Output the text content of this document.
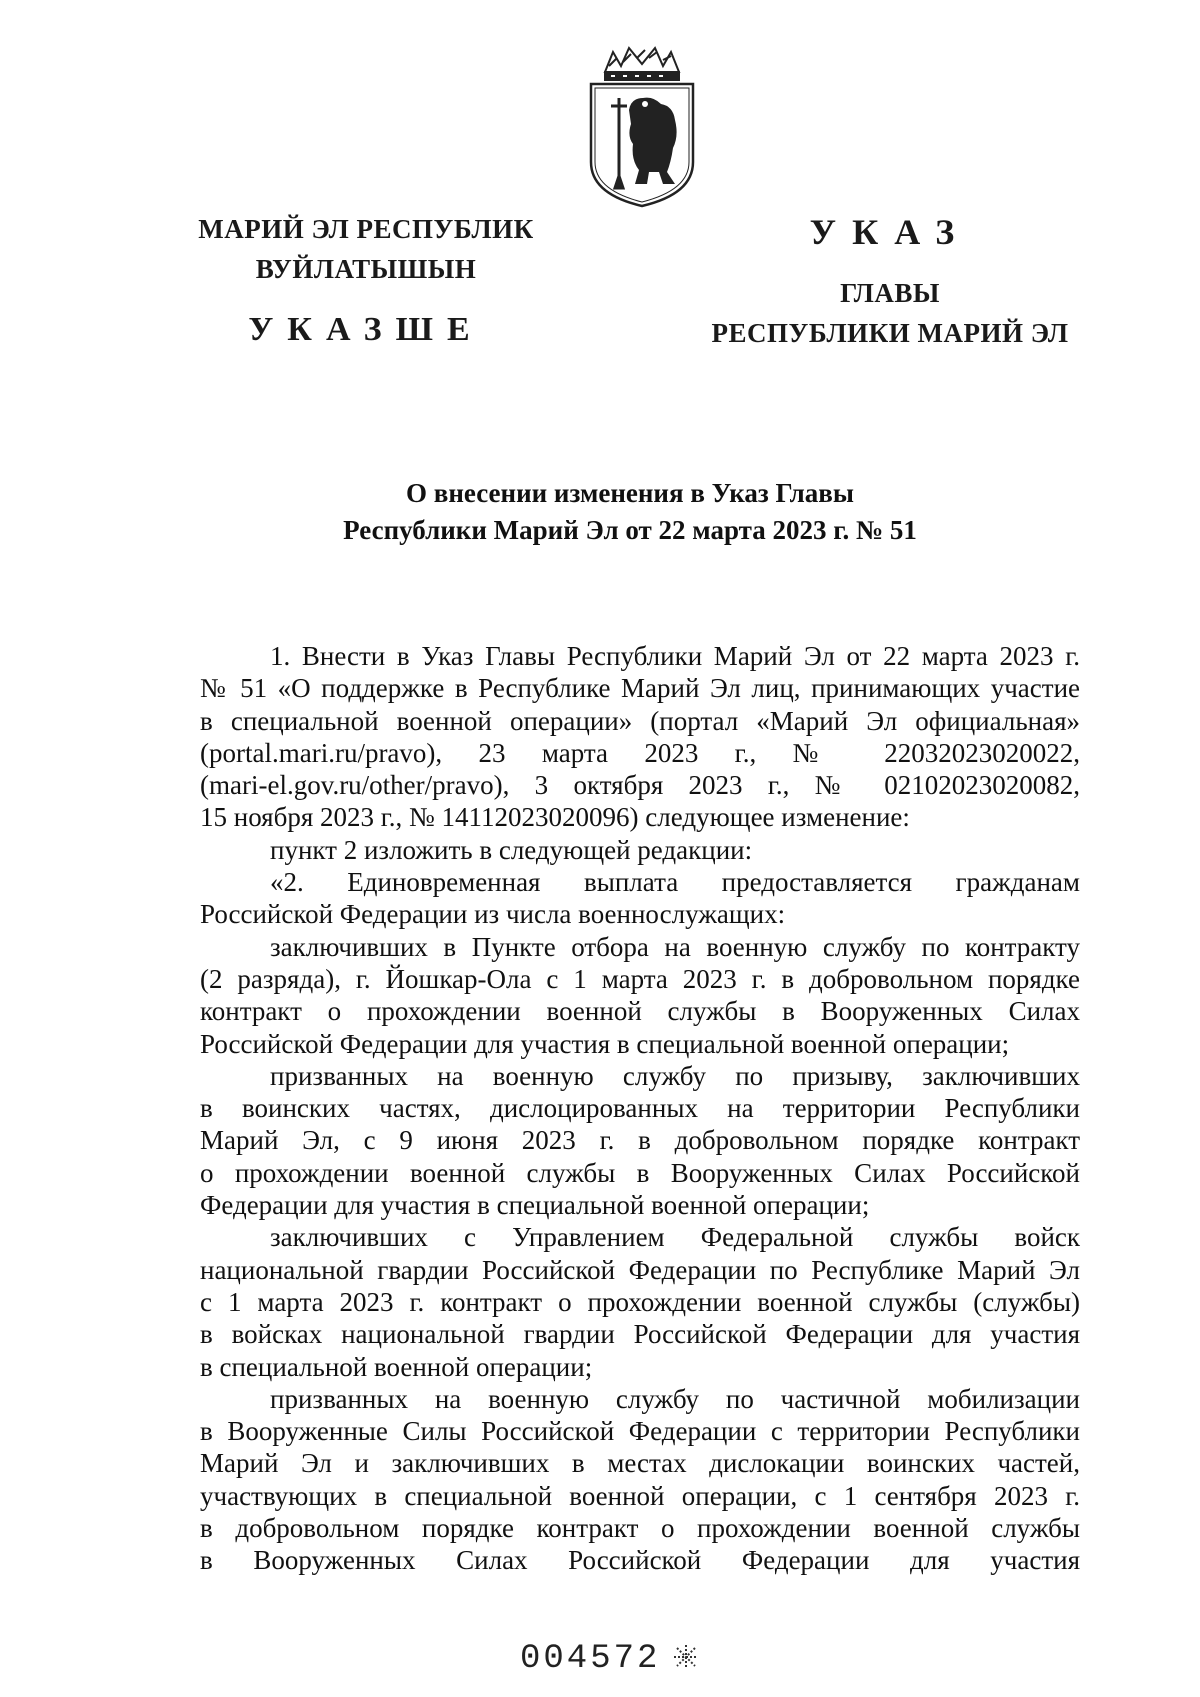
МАРИЙ ЭЛ РЕСПУБЛИК
ВУЙЛАТЫШЫН
УКАЗШЕ
УКАЗ
ГЛАВЫ
РЕСПУБЛИКИ МАРИЙ ЭЛ
О внесении изменения в Указ Главы
Республики Марий Эл от 22 марта 2023 г. № 51

1. Внести в Указ Главы Республики Марий Эл от 22 марта 2023 г.

№ 51 «О поддержке в Республике Марий Эл лиц, принимающих участие
в специальной военной операции» (портал «Марий Эл официальная»
(portal.mari.ru/pravo), 23 марта 2023 г., № 22032023020022,
(mari-el.gov.ru/other/pravo), 3 октября 2023 г., № 02102023020082,
15 ноября 2023 г., № 14112023020096) следующее изменение:

пункт 2 изложить в следующей редакции:

«2. Единовременная выплата предоставляется гражданам

Российской Федерации из числа военнослужащих:

заключивших в Пункте отбора на военную службу по контракту

(2 разряда), г. Йошкар-Ола с 1 марта 2023 г. в добровольном порядке
контракт о прохождении военной службы в Вооруженных Силах
Российской Федерации для участия в специальной военной операции;

призванных на военную службу по призыву, заключивших

в воинских частях, дислоцированных на территории Республики
Марий Эл, с 9 июня 2023 г. в добровольном порядке контракт
о прохождении военной службы в Вооруженных Силах Российской
Федерации для участия в специальной военной операции;

заключивших с Управлением Федеральной службы войск

национальной гвардии Российской Федерации по Республике Марий Эл
с 1 марта 2023 г. контракт о прохождении военной службы (службы)
в войсках национальной гвардии Российской Федерации для участия
в специальной военной операции;

призванных на военную службу по частичной мобилизации

в Вооруженные Силы Российской Федерации с территории Республики
Марий Эл и заключивших в местах дислокации воинских частей,
участвующих в специальной военной операции, с 1 сентября 2023 г.
в добровольном порядке контракт о прохождении военной службы
в Вооруженных Силах Российской Федерации для участия

004572
